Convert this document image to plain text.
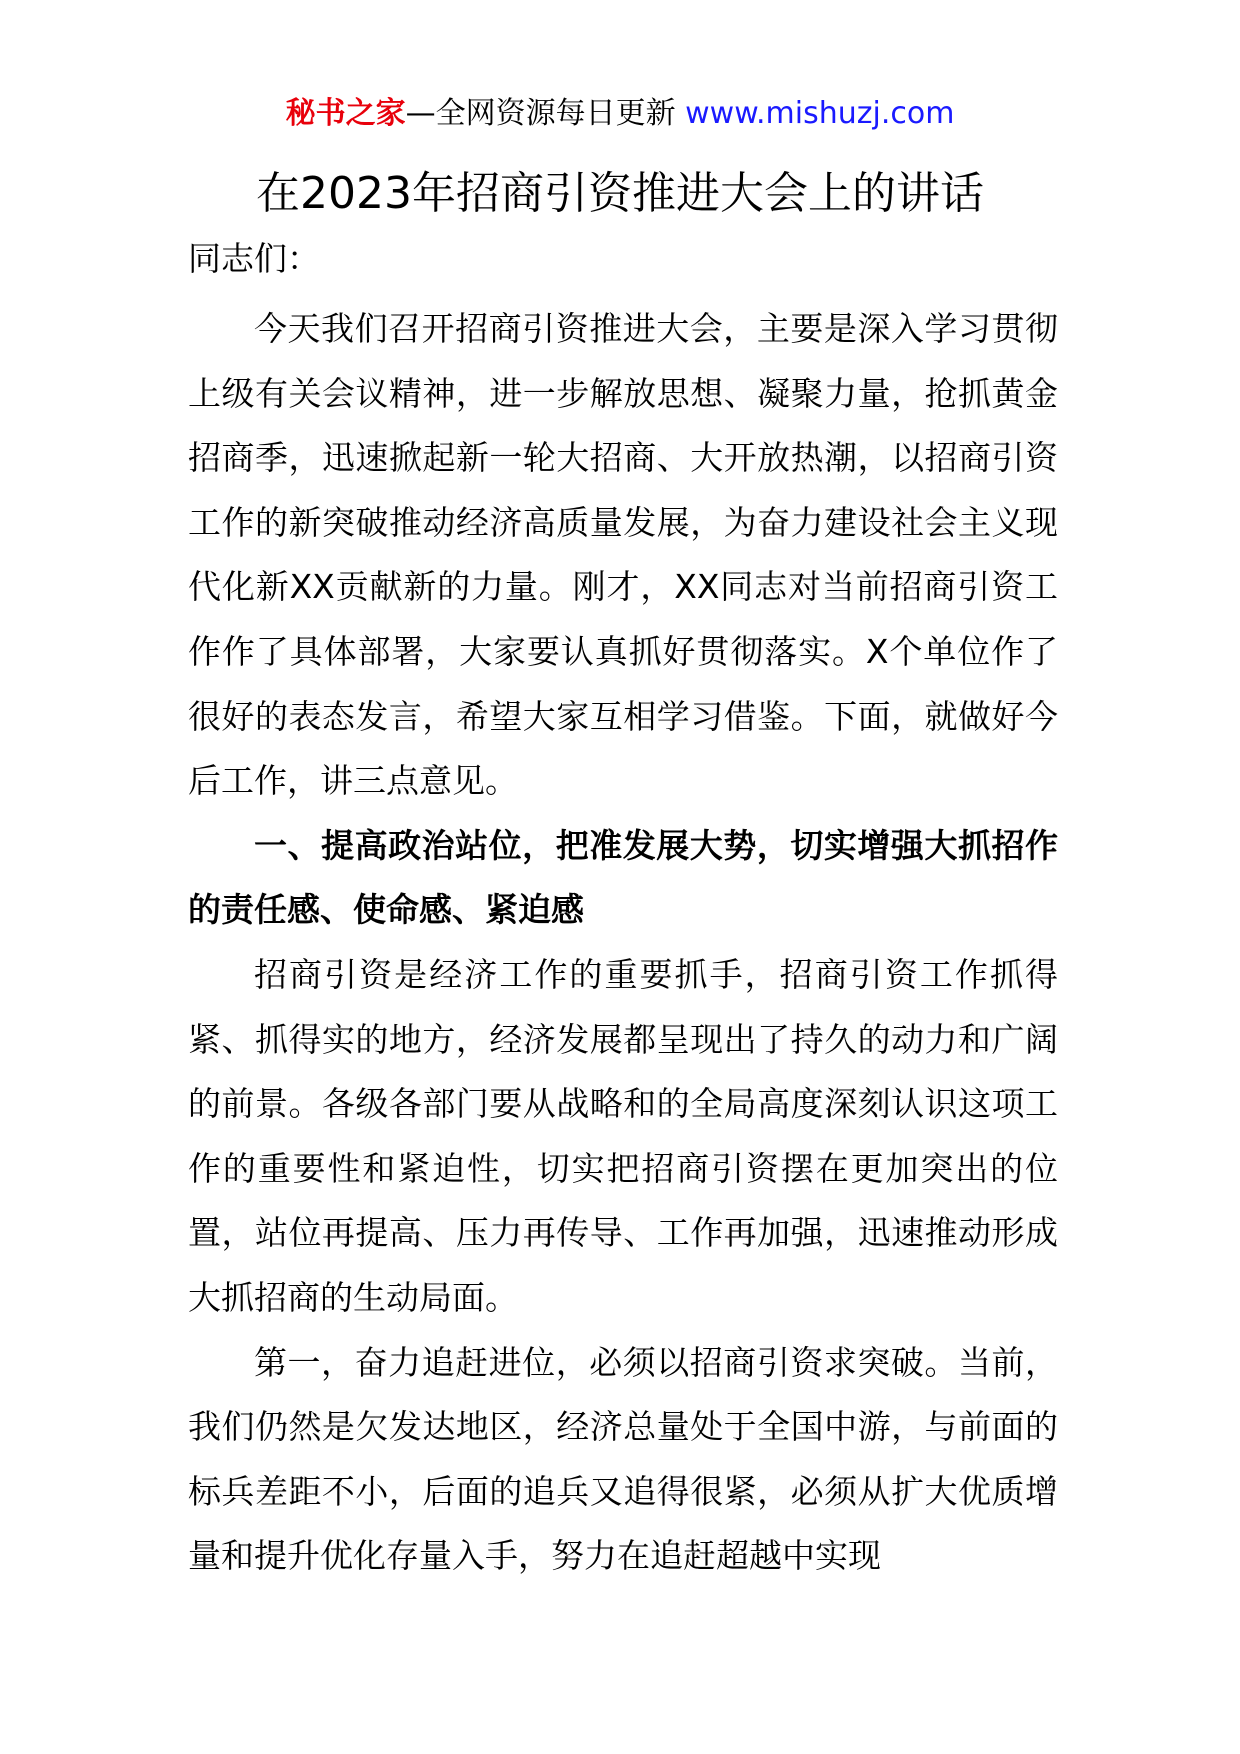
秘书之家—全网资源每日更新 www.mishuzj.com
在2023年招商引资推进大会上的讲话
同志们：

今天我们召开招商引资推进大会，主要是深入学习贯彻上级有关会议精神，进一步解放思想、凝聚力量，抢抓黄金招商季，迅速掀起新一轮大招商、大开放热潮，以招商引资工作的新突破推动经济高质量发展，为奋力建设社会主义现代化新XX贡献新的力量。刚才，XX同志对当前招商引资工作作了具体部署，大家要认真抓好贯彻落实。X个单位作了很好的表态发言，希望大家互相学习借鉴。下面，就做好今后工作，讲三点意见。

一、提高政治站位，把准发展大势，切实增强大抓招作的责任感、使命感、紧迫感

招商引资是经济工作的重要抓手，招商引资工作抓得紧、抓得实的地方，经济发展都呈现出了持久的动力和广阔的前景。各级各部门要从战略和的全局高度深刻认识这项工作的重要性和紧迫性，切实把招商引资摆在更加突出的位置，站位再提高、压力再传导、工作再加强，迅速推动形成大抓招商的生动局面。

第一，奋力追赶进位，必须以招商引资求突破。当前，我们仍然是欠发达地区，经济总量处于全国中游，与前面的标兵差距不小，后面的追兵又追得很紧，必须从扩大优质增量和提升优化存量入手，努力在追赶超越中实现
